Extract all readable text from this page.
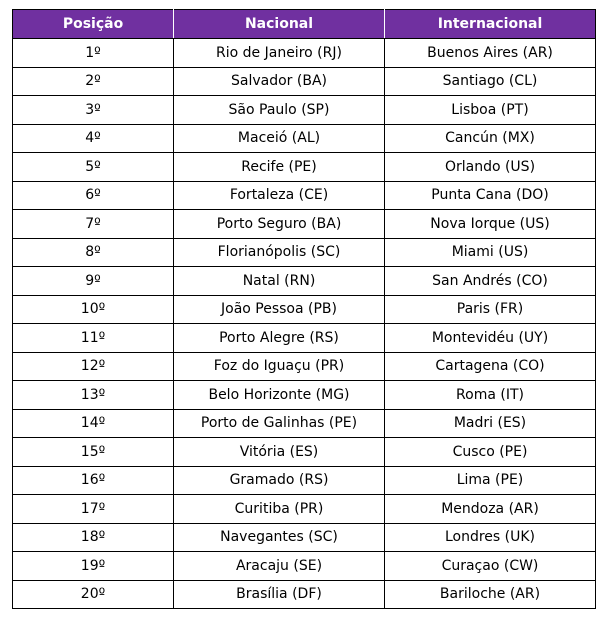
Posição	Nacional	Internacional
1º	Rio de Janeiro (RJ)	Buenos Aires (AR)
2º	Salvador (BA)	Santiago (CL)
3º	São Paulo (SP)	Lisboa (PT)
4º	Maceió (AL)	Cancún (MX)
5º	Recife (PE)	Orlando (US)
6º	Fortaleza (CE)	Punta Cana (DO)
7º	Porto Seguro (BA)	Nova Iorque (US)
8º	Florianópolis (SC)	Miami (US)
9º	Natal (RN)	San Andrés (CO)
10º	João Pessoa (PB)	Paris (FR)
11º	Porto Alegre (RS)	Montevidéu (UY)
12º	Foz do Iguaçu (PR)	Cartagena (CO)
13º	Belo Horizonte (MG)	Roma (IT)
14º	Porto de Galinhas (PE)	Madri (ES)
15º	Vitória (ES)	Cusco (PE)
16º	Gramado (RS)	Lima (PE)
17º	Curitiba (PR)	Mendoza (AR)
18º	Navegantes (SC)	Londres (UK)
19º	Aracaju (SE)	Curaçao (CW)
20º	Brasília (DF)	Bariloche (AR)
